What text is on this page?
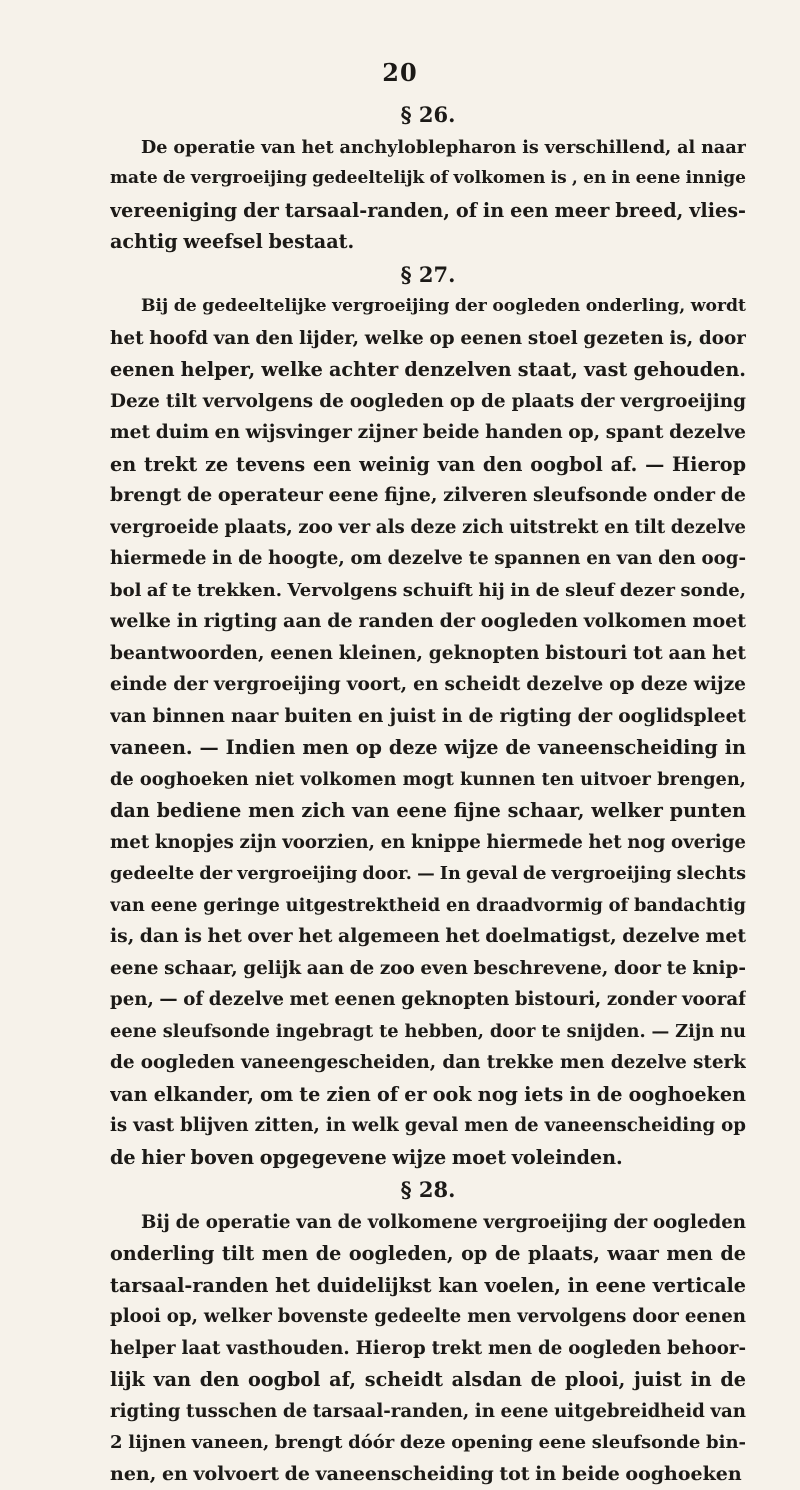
20
§ 26.
De operatie van het anchyloblepharon is verschillend, al naar
mate de vergroeijing gedeeltelijk of volkomen is , en in eene innige
vereeniging der tarsaal-randen, of in een meer breed, vlies-
achtig weefsel bestaat.
§ 27.
Bij de gedeeltelijke vergroeijing der oogleden onderling, wordt
het hoofd van den lijder, welke op eenen stoel gezeten is, door
eenen helper, welke achter denzelven staat, vast gehouden.
Deze tilt vervolgens de oogleden op de plaats der vergroeijing
met duim en wijsvinger zijner beide handen op, spant dezelve
en trekt ze tevens een weinig van den oogbol af. — Hierop
brengt de operateur eene fijne, zilveren sleufsonde onder de
vergroeide plaats, zoo ver als deze zich uitstrekt en tilt dezelve
hiermede in de hoogte, om dezelve te spannen en van den oog-
bol af te trekken. Vervolgens schuift hij in de sleuf dezer sonde,
welke in rigting aan de randen der oogleden volkomen moet
beantwoorden, eenen kleinen, geknopten bistouri tot aan het
einde der vergroeijing voort, en scheidt dezelve op deze wijze
van binnen naar buiten en juist in de rigting der ooglidspleet
vaneen. — Indien men op deze wijze de vaneenscheiding in
de ooghoeken niet volkomen mogt kunnen ten uitvoer brengen,
dan bediene men zich van eene fijne schaar, welker punten
met knopjes zijn voorzien, en knippe hiermede het nog overige
gedeelte der vergroeijing door. — In geval de vergroeijing slechts
van eene geringe uitgestrektheid en draadvormig of bandachtig
is, dan is het over het algemeen het doelmatigst, dezelve met
eene schaar, gelijk aan de zoo even beschrevene, door te knip-
pen, — of dezelve met eenen geknopten bistouri, zonder vooraf
eene sleufsonde ingebragt te hebben, door te snijden. — Zijn nu
de oogleden vaneengescheiden, dan trekke men dezelve sterk
van elkander, om te zien of er ook nog iets in de ooghoeken
is vast blijven zitten, in welk geval men de vaneenscheiding op
de hier boven opgegevene wijze moet voleinden.
§ 28.
Bij de operatie van de volkomene vergroeijing der oogleden
onderling tilt men de oogleden, op de plaats, waar men de
tarsaal-randen het duidelijkst kan voelen, in eene verticale
plooi op, welker bovenste gedeelte men vervolgens door eenen
helper laat vasthouden. Hierop trekt men de oogleden behoor-
lijk van den oogbol af, scheidt alsdan de plooi, juist in de
rigting tusschen de tarsaal-randen, in eene uitgebreidheid van
2 lijnen vaneen, brengt dóór deze opening eene sleufsonde bin-
nen, en volvoert de vaneenscheiding tot in beide ooghoeken
